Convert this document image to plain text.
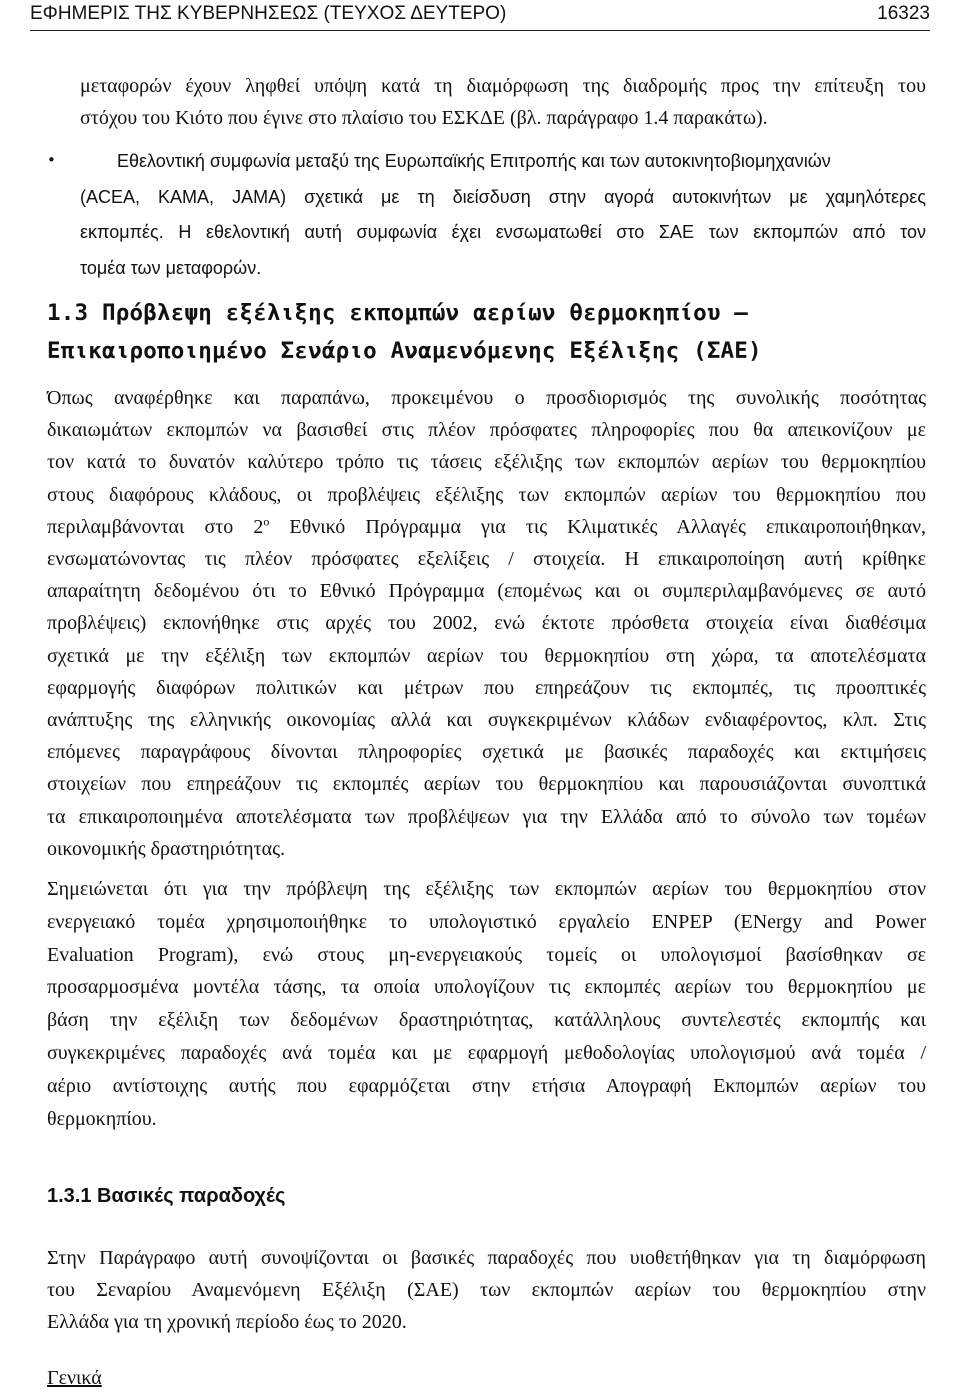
ΕΦΗΜΕΡΙΣ ΤΗΣ ΚΥΒΕΡΝΗΣΕΩΣ (ΤΕΥΧΟΣ ΔΕΥΤΕΡΟ)	16323

μεταφορών έχουν ληφθεί υπόψη κατά τη διαμόρφωση της διαδρομής προς την επίτευξη του

στόχου του Κιότο που έγινε στο πλαίσιο του ΕΣΚΔΕ (βλ. παράγραφο 1.4 παρακάτω).

•	Εθελοντική συμφωνία μεταξύ της Ευρωπαϊκής Επιτροπής και των αυτοκινητοβιομηχανιών

(ACEA, KAMA, JAMA) σχετικά με τη διείσδυση στην αγορά αυτοκινήτων με χαμηλότερες

εκπομπές. Η εθελοντική αυτή συμφωνία έχει ενσωματωθεί στο ΣΑΕ των εκπομπών από τον

τομέα των μεταφορών.

1.3 Πρόβλεψη εξέλιξης εκπομπών αερίων θερμοκηπίου –
Επικαιροποιημένο Σενάριο Αναμενόμενης Εξέλιξης (ΣΑΕ)

Όπως αναφέρθηκε και παραπάνω, προκειμένου ο προσδιορισμός της συνολικής ποσότητας

δικαιωμάτων εκπομπών να βασισθεί στις πλέον πρόσφατες πληροφορίες που θα απεικονίζουν με

τον κατά το δυνατόν καλύτερο τρόπο τις τάσεις εξέλιξης των εκπομπών αερίων του θερμοκηπίου

στους διαφόρους κλάδους, οι προβλέψεις εξέλιξης των εκπομπών αερίων του θερμοκηπίου που

περιλαμβάνονται στο $2^o$ Εθνικό Πρόγραμμα για τις Κλιματικές Αλλαγές επικαιροποιήθηκαν,

ενσωματώνοντας τις πλέον πρόσφατες εξελίξεις / στοιχεία. Η επικαιροποίηση αυτή κρίθηκε

απαραίτητη δεδομένου ότι το Εθνικό Πρόγραμμα (επομένως και οι συμπεριλαμβανόμενες σε αυτό

προβλέψεις) εκπονήθηκε στις αρχές του 2002, ενώ έκτοτε πρόσθετα στοιχεία είναι διαθέσιμα

σχετικά με την εξέλιξη των εκπομπών αερίων του θερμοκηπίου στη χώρα, τα αποτελέσματα

εφαρμογής διαφόρων πολιτικών και μέτρων που επηρεάζουν τις εκπομπές, τις προοπτικές

ανάπτυξης της ελληνικής οικονομίας αλλά και συγκεκριμένων κλάδων ενδιαφέροντος, κλπ. Στις

επόμενες παραγράφους δίνονται πληροφορίες σχετικά με βασικές παραδοχές και εκτιμήσεις

στοιχείων που επηρεάζουν τις εκπομπές αερίων του θερμοκηπίου και παρουσιάζονται συνοπτικά

τα επικαιροποιημένα αποτελέσματα των προβλέψεων για την Ελλάδα από το σύνολο των τομέων

οικονομικής δραστηριότητας.

Σημειώνεται ότι για την πρόβλεψη της εξέλιξης των εκπομπών αερίων του θερμοκηπίου στον

ενεργειακό τομέα χρησιμοποιήθηκε το υπολογιστικό εργαλείο ENPEP (ENergy and Power

Evaluation Program), ενώ στους μη-ενεργειακούς τομείς οι υπολογισμοί βασίσθηκαν σε

προσαρμοσμένα μοντέλα τάσης, τα οποία υπολογίζουν τις εκπομπές αερίων του θερμοκηπίου με

βάση την εξέλιξη των δεδομένων δραστηριότητας, κατάλληλους συντελεστές εκπομπής και

συγκεκριμένες παραδοχές ανά τομέα και με εφαρμογή μεθοδολογίας υπολογισμού ανά τομέα /

αέριο αντίστοιχης αυτής που εφαρμόζεται στην ετήσια Απογραφή Εκπομπών αερίων του

θερμοκηπίου.

1.3.1 Βασικές παραδοχές

Στην Παράγραφο αυτή συνοψίζονται οι βασικές παραδοχές που υιοθετήθηκαν για τη διαμόρφωση

του Σεναρίου Αναμενόμενη Εξέλιξη (ΣΑΕ) των εκπομπών αερίων του θερμοκηπίου στην

Ελλάδα για τη χρονική περίοδο έως το 2020.

Γενικά
